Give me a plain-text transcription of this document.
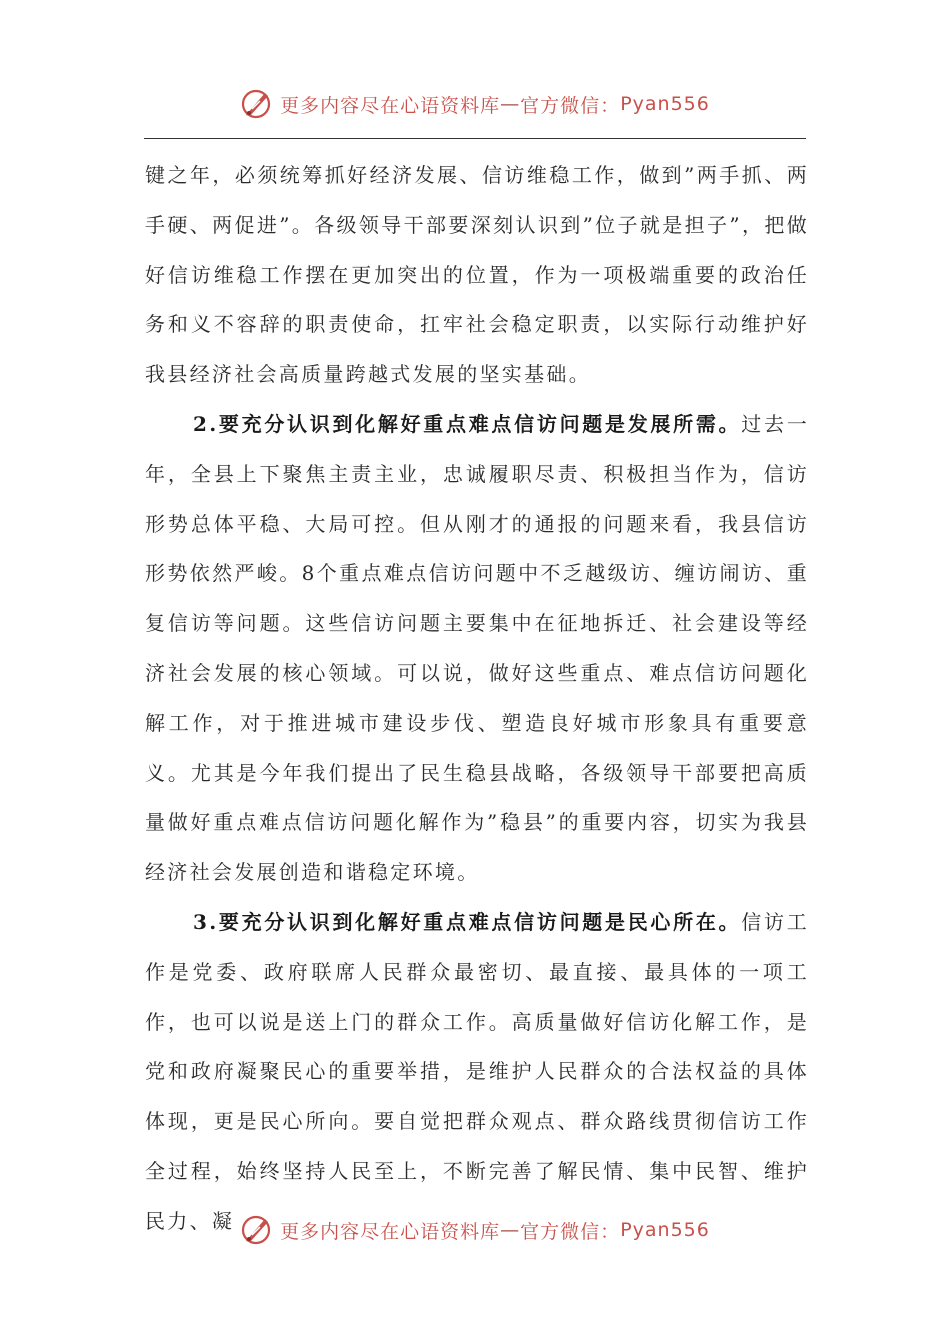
更多内容尽在心语资料库 — 官方微信： Pyan556

键之年，必须统筹抓好经济发展、信访维稳工作，做到”两手抓、两手硬、两促进”。各级领导干部要深刻认识到”位子就是担子”，把做好信访维稳工作摆在更加突出的位置，作为一项极端重要的政治任务和义不容辞的职责使命，扛牢社会稳定职责，以实际行动维护好我县经济社会高质量跨越式发展的坚实基础。

2.要充分认识到化解好重点难点信访问题是发展所需。过去一年，全县上下聚焦主责主业，忠诚履职尽责、积极担当作为，信访形势总体平稳、大局可控。但从刚才的通报的问题来看，我县信访形势依然严峻。8个重点难点信访问题中不乏越级访、缠访闹访、重复信访等问题。这些信访问题主要集中在征地拆迁、社会建设等经济社会发展的核心领域。可以说，做好这些重点、难点信访问题化解工作，对于推进城市建设步伐、塑造良好城市形象具有重要意义。尤其是今年我们提出了民生稳县战略，各级领导干部要把高质量做好重点难点信访问题化解作为”稳县”的重要内容，切实为我县经济社会发展创造和谐稳定环境。

3.要充分认识到化解好重点难点信访问题是民心所在。信访工作是党委、政府联席人民群众最密切、最直接、最具体的一项工作，也可以说是送上门的群众工作。高质量做好信访化解工作，是党和政府凝聚民心的重要举措，是维护人民群众的合法权益的具体体现，更是民心所向。要自觉把群众观点、群众路线贯彻信访工作全过程，始终坚持人民至上，不断完善了解民情、集中民智、维护民力、凝	更多内容尽在心语资料库 — 官方微信： Pyan556
